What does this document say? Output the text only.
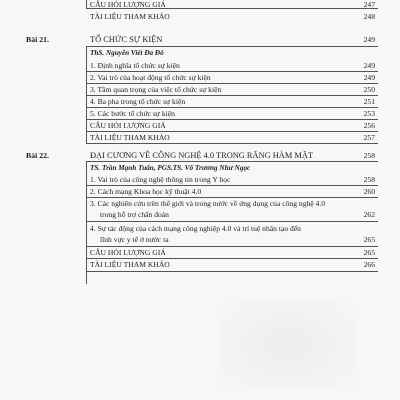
CÂU HỎI LƯỢNG GIÁ	247
TÀI LIỆU THAM KHẢO	248
Bài 21.	TỔ CHỨC SỰ KIỆN	249
ThS. Nguyễn Viết Đa Đô
1. Định nghĩa tổ chức sự kiện	249
2. Vai trò của hoạt động tổ chức sự kiện	249
3. Tầm quan trọng của việc tổ chức sự kiện	250
4. Ba pha trong tổ chức sự kiện	251
5. Các bước tổ chức sự kiện	253
CÂU HỎI LƯỢNG GIÁ	256
TÀI LIỆU THAM KHẢO	257
Bài 22.	ĐẠI CƯƠNG VỀ CÔNG NGHỆ 4.0 TRONG RĂNG HÀM MẶT	258
TS. Trần Mạnh Tuấn, PGS.TS. Võ Trương Như Ngọc
1. Vai trò của công nghệ thông tin trong Y học	258
2. Cách mạng Khoa học kỹ thuật 4.0	260
3. Các nghiên cứu trên thế giới và trong nước về ứng dụng của công nghệ 4.0
trong hỗ trợ chẩn đoán	262
4. Sự tác động của cách mạng công nghiệp 4.0 và trí tuệ nhân tạo đến
lĩnh vực y tế ở nước ta	265
CÂU HỎI LƯỢNG GIÁ	265
TÀI LIỆU THAM KHẢO	266
